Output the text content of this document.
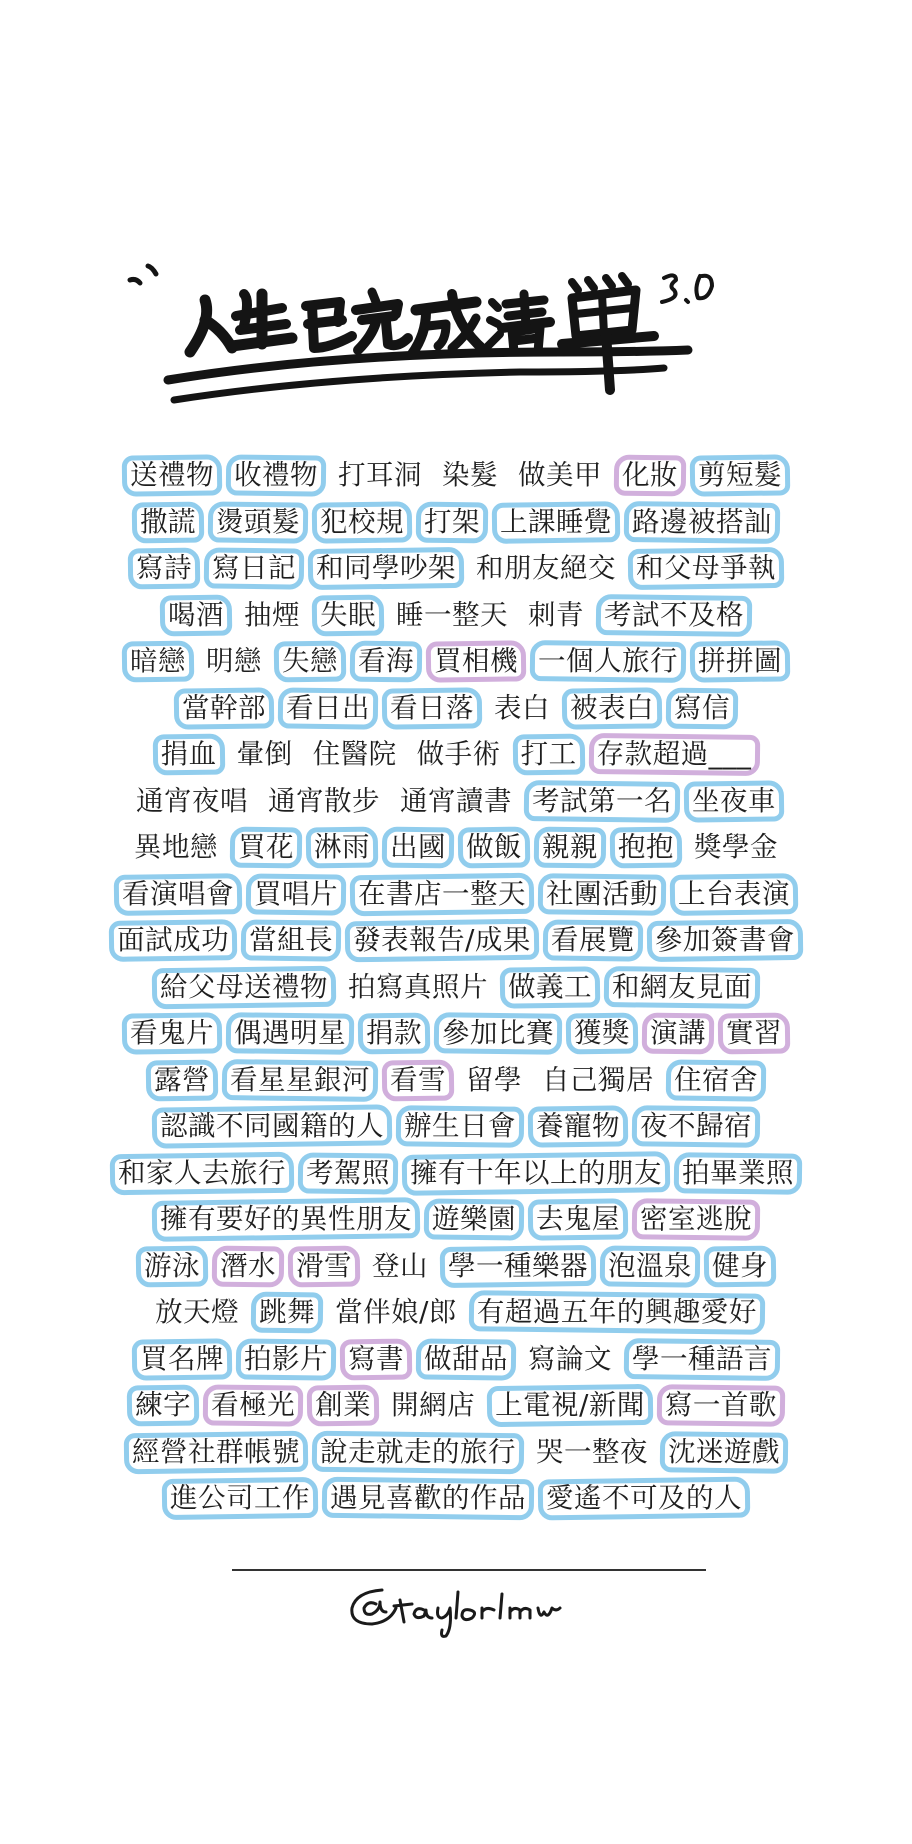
送禮物 收禮物 打耳洞 染髮 做美甲 化妝 剪短髮
撒謊 燙頭髮 犯校規 打架 上課睡覺 路邊被搭訕
寫詩 寫日記 和同學吵架 和朋友絕交 和父母爭執
喝酒 抽煙 失眠 睡一整天 刺青 考試不及格
暗戀 明戀 失戀 看海 買相機 一個人旅行 拼拼圖
當幹部 看日出 看日落 表白 被表白 寫信
捐血 暈倒 住醫院 做手術 打工 存款超過___
通宵夜唱 通宵散步 通宵讀書 考試第一名 坐夜車
異地戀 買花 淋雨 出國 做飯 親親 抱抱 獎學金
看演唱會 買唱片 在書店一整天 社團活動 上台表演
面試成功 當組長 發表報告/成果 看展覽 參加簽書會
給父母送禮物 拍寫真照片 做義工 和網友見面
看鬼片 偶遇明星 捐款 參加比賽 獲獎 演講 實習
露營 看星星銀河 看雪 留學 自己獨居 住宿舍
認識不同國籍的人 辦生日會 養寵物 夜不歸宿
和家人去旅行 考駕照 擁有十年以上的朋友 拍畢業照
擁有要好的異性朋友 遊樂園 去鬼屋 密室逃脫
游泳 潛水 滑雪 登山 學一種樂器 泡溫泉 健身
放天燈 跳舞 當伴娘/郎 有超過五年的興趣愛好
買名牌 拍影片 寫書 做甜品 寫論文 學一種語言
練字 看極光 創業 開網店 上電視/新聞 寫一首歌
經營社群帳號 說走就走的旅行 哭一整夜 沈迷遊戲
進公司工作 遇見喜歡的作品 愛遙不可及的人
